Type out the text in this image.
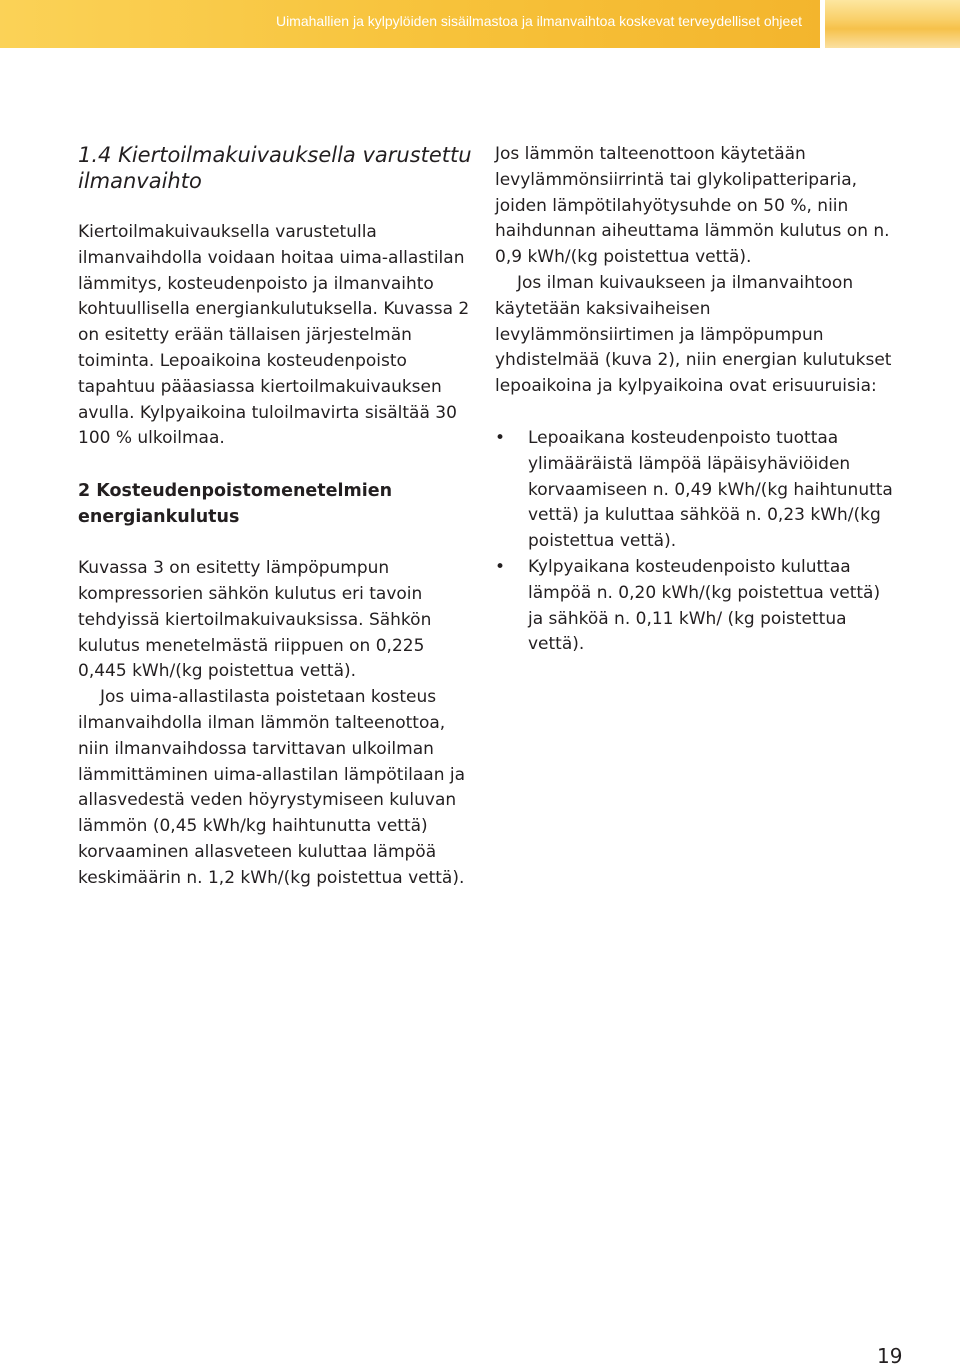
Uimahallien ja kylpylöiden sisäilmastoa ja ilmanvaihtoa koskevat terveydelliset ohjeet

1.4 Kiertoilmakuivauksella varustettu ilmanvaihto

Kiertoilmakuivauksella varustetulla ilmanvaihdolla voidaan hoitaa uima-allastilan lämmitys, kosteudenpoisto ja ilmanvaihto kohtuullisella energiankulutuksella. Kuvassa 2 on esitetty erään tällaisen järjestelmän toiminta. Lepoaikoina kosteudenpoisto tapahtuu pääasiassa kiertoilmakuivauksen avulla. Kylpyaikoina tuloilmavirta sisältää 30 100 % ulkoilmaa.

2 Kosteudenpoistomenetelmien energiankulutus

Kuvassa 3 on esitetty lämpöpumpun kompressorien sähkön kulutus eri tavoin tehdyissä kiertoilmakuivauksissa. Sähkön kulutus menetelmästä riippuen on 0,225 0,445 kWh/(kg poistettua vettä).

Jos uima-allastilasta poistetaan kosteus ilmanvaihdolla ilman lämmön talteenottoa, niin ilmanvaihdossa tarvittavan ulkoilman lämmittäminen uima-allastilan lämpötilaan ja allasvedestä veden höyrystymiseen kuluvan lämmön (0,45 kWh/kg haihtunutta vettä) korvaaminen allasveteen kuluttaa lämpöä keskimäärin n. 1,2 kWh/(kg poistettua vettä).

Jos lämmön talteenottoon käytetään levylämmönsiirrintä tai glykolipatteriparia, joiden lämpötilahyötysuhde on 50 %, niin haihdunnan aiheuttama lämmön kulutus on n. 0,9 kWh/(kg poistettua vettä).

Jos ilman kuivaukseen ja ilmanvaihtoon käytetään kaksivaiheisen levylämmönsiirtimen ja lämpöpumpun yhdistelmää (kuva 2), niin energian kulutukset lepoaikoina ja kylpyaikoina ovat erisuuruisia:

• Lepoaikana kosteudenpoisto tuottaa ylimääräistä lämpöä läpäisyhäviöiden korvaamiseen n. 0,49 kWh/(kg haihtunutta vettä) ja kuluttaa sähköä n. 0,23 kWh/(kg poistettua vettä).
• Kylpyaikana kosteudenpoisto kuluttaa lämpöä n. 0,20 kWh/(kg poistettua vettä) ja sähköä n. 0,11 kWh/ (kg poistettua vettä).
19
